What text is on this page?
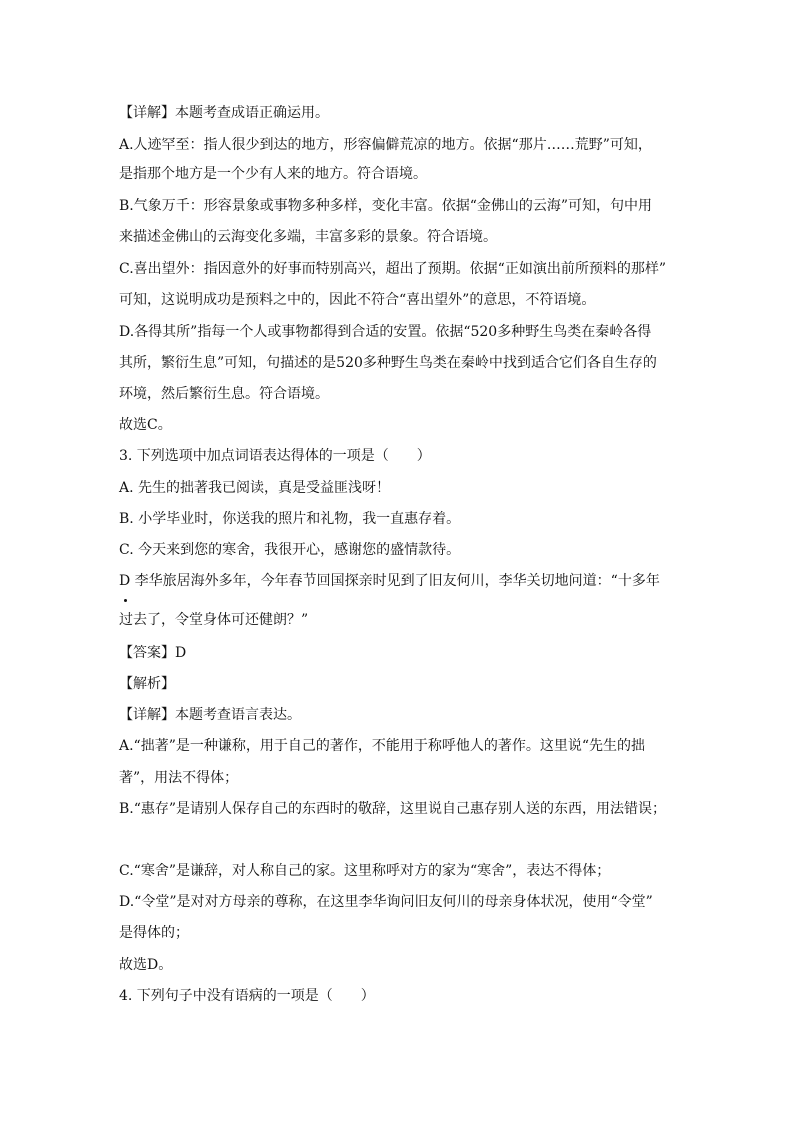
【详解】本题考查成语正确运用。
A.人迹罕至：指人很少到达的地方，形容偏僻荒凉的地方。依据“那片……荒野”可知，
是指那个地方是一个少有人来的地方。符合语境。
B.气象万千：形容景象或事物多种多样，变化丰富。依据“金佛山的云海”可知，句中用
来描述金佛山的云海变化多端，丰富多彩的景象。符合语境。
C.喜出望外：指因意外的好事而特别高兴，超出了预期。依据“正如演出前所预料的那样”
可知，这说明成功是预料之中的，因此不符合“喜出望外”的意思，不符语境。
D.各得其所”指每一个人或事物都得到合适的安置。依据“520多种野生鸟类在秦岭各得
其所，繁衍生息”可知，句描述的是520多种野生鸟类在秦岭中找到适合它们各自生存的
环境，然后繁衍生息。符合语境。
故选C。
3. 下列选项中加点词语表达得体的一项是（　　）
A. 先生的拙著我已阅读，真是受益匪浅呀！
B. 小学毕业时，你送我的照片和礼物，我一直惠存着。
C. 今天来到您的寒舍，我很开心，感谢您的盛情款待。
D 李华旅居海外多年，今年春节回国探亲时见到了旧友何川，李华关切地问道：“十多年
过去了，令堂身体可还健朗？”
【答案】D
【解析】
【详解】本题考查语言表达。
A.“拙著”是一种谦称，用于自己的著作，不能用于称呼他人的著作。这里说“先生的拙
著”，用法不得体；
B.“惠存”是请别人保存自己的东西时的敬辞，这里说自己惠存别人送的东西，用法错误；
C.“寒舍”是谦辞，对人称自己的家。这里称呼对方的家为“寒舍”，表达不得体；
D.“令堂”是对对方母亲的尊称，在这里李华询问旧友何川的母亲身体状况，使用“令堂”
是得体的；
故选D。
4. 下列句子中没有语病的一项是（　　）
